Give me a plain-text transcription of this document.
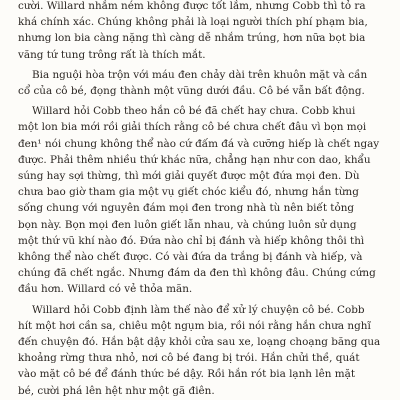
cười. Willard nhắm ném không được tốt lắm, nhưng Cobb thì tỏ ra
khá chính xác. Chúng không phải là loại người thích phí phạm bia,
nhưng lon bia càng nặng thì càng dễ nhắm trúng, hơn nữa bọt bia
văng tứ tung trông rất là thích mắt.

Bia nguội hòa trộn với máu đen chảy dài trên khuôn mặt và cần
cổ của cô bé, đọng thành một vũng dưới đầu. Cô bé vẫn bất động.

Willard hỏi Cobb theo hắn cô bé đã chết hay chưa. Cobb khui
một lon bia mới rồi giải thích rằng cô bé chưa chết đâu vì bọn mọi
đen¹ nói chung không thể nào cứ đấm đá và cưỡng hiếp là chết ngay
được. Phải thêm nhiều thứ khác nữa, chẳng hạn như con dao, khẩu
súng hay sợi thừng, thì mới giải quyết được một đứa mọi đen. Dù
chưa bao giờ tham gia một vụ giết chóc kiểu đó, nhưng hắn từng
sống chung với nguyên đám mọi đen trong nhà tù nên biết tỏng
bọn này. Bọn mọi đen luôn giết lẫn nhau, và chúng luôn sử dụng
một thứ vũ khí nào đó. Đứa nào chỉ bị đánh và hiếp không thôi thì
không thể nào chết được. Có vài đứa da trắng bị đánh và hiếp, và
chúng đã chết ngắc. Nhưng đám da đen thì không đâu. Chúng cứng
đầu hơn. Willard có vẻ thỏa mãn.

Willard hỏi Cobb định làm thế nào để xử lý chuyện cô bé. Cobb
hít một hơi cần sa, chiêu một ngụm bia, rồi nói rằng hắn chưa nghĩ
đến chuyện đó. Hắn bật dậy khỏi cửa sau xe, loạng choạng băng qua
khoảng rừng thưa nhỏ, nơi cô bé đang bị trói. Hắn chửi thề, quát
vào mặt cô bé để đánh thức bé dậy. Rồi hắn rót bia lạnh lên mặt
bé, cười phá lên hệt như một gã điên.
